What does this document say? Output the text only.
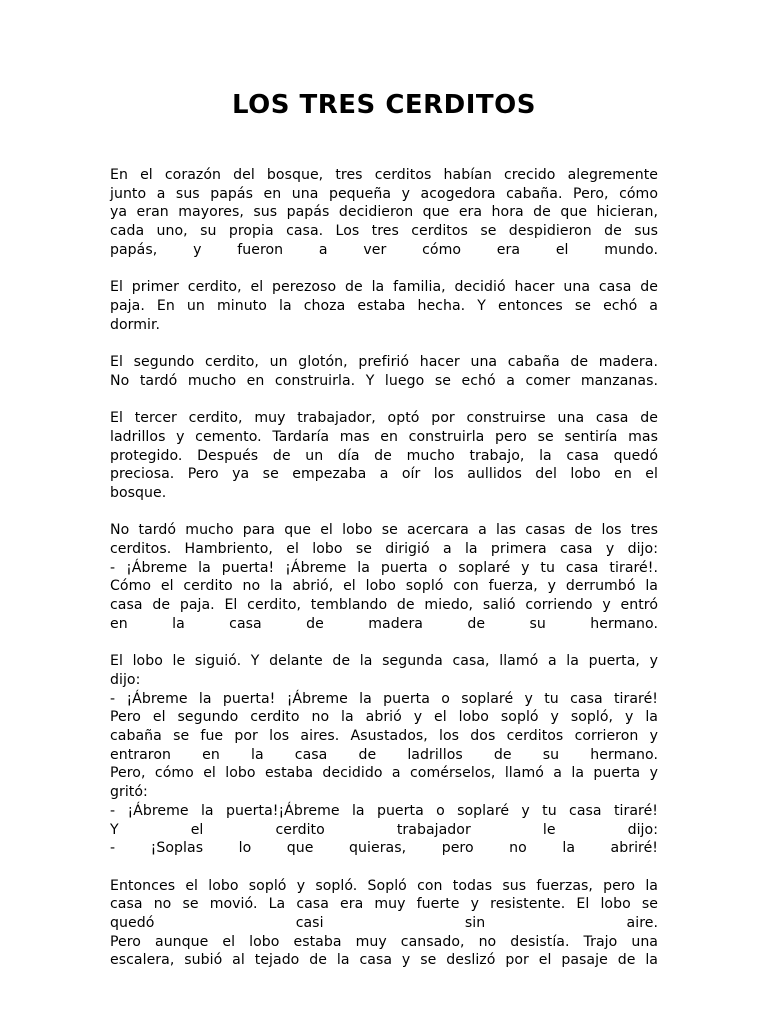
LOS TRES CERDITOS
En el corazón del bosque, tres cerditos habían crecido alegremente
junto a sus papás en una pequeña y acogedora cabaña. Pero, cómo
ya eran mayores, sus papás decidieron que era hora de que hicieran,
cada uno, su propia casa. Los tres cerditos se despidieron de sus
papás, y fueron a ver cómo era el mundo.
El primer cerdito, el perezoso de la familia, decidió hacer una casa de
paja. En un minuto la choza estaba hecha. Y entonces se echó a
dormir.
El segundo cerdito, un glotón, prefirió hacer una cabaña de madera.
No tardó mucho en construirla. Y luego se echó a comer manzanas.
El tercer cerdito, muy trabajador, optó por construirse una casa de
ladrillos y cemento. Tardaría mas en construirla pero se sentiría mas
protegido. Después de un día de mucho trabajo, la casa quedó
preciosa. Pero ya se empezaba a oír los aullidos del lobo en el
bosque.
No tardó mucho para que el lobo se acercara a las casas de los tres
cerditos. Hambriento, el lobo se dirigió a la primera casa y dijo:
- ¡Ábreme la puerta! ¡Ábreme la puerta o soplaré y tu casa tiraré!.
Cómo el cerdito no la abrió, el lobo sopló con fuerza, y derrumbó la
casa de paja. El cerdito, temblando de miedo, salió corriendo y entró
en la casa de madera de su hermano.
El lobo le siguió. Y delante de la segunda casa, llamó a la puerta, y
dijo:
- ¡Ábreme la puerta! ¡Ábreme la puerta o soplaré y tu casa tiraré!
Pero el segundo cerdito no la abrió y el lobo sopló y sopló, y la
cabaña se fue por los aires. Asustados, los dos cerditos corrieron y
entraron en la casa de ladrillos de su hermano.
Pero, cómo el lobo estaba decidido a comérselos, llamó a la puerta y
gritó:
- ¡Ábreme la puerta!¡Ábreme la puerta o soplaré y tu casa tiraré!
Y el cerdito trabajador le dijo:
- ¡Soplas lo que quieras, pero no la abriré!
Entonces el lobo sopló y sopló. Sopló con todas sus fuerzas, pero la
casa no se movió. La casa era muy fuerte y resistente. El lobo se
quedó casi sin aire.
Pero aunque el lobo estaba muy cansado, no desistía. Trajo una
escalera, subió al tejado de la casa y se deslizó por el pasaje de la
